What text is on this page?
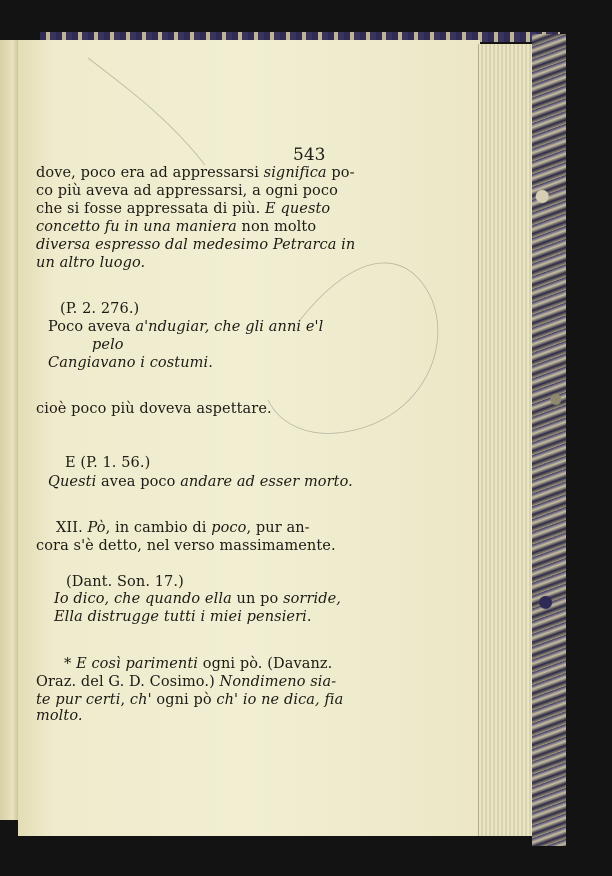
543
dove, poco era ad appressarsi significa po-
co più aveva ad appressarsi, a ogni poco
che si fosse appressata di più. E questo
concetto fu in una maniera non molto
diversa espresso dal medesimo Petrarca in
un altro luogo.
(P. 2. 276.)
Poco aveva a'ndugiar, che gli anni e'l
pelo
Cangiavano i costumi.
cioè poco più doveva aspettare.
E (P. 1. 56.)
Questi avea poco andare ad esser morto.
XII. Pò, in cambio di poco, pur an-
cora s'è detto, nel verso massimamente.
(Dant. Son. 17.)
Io dico, che quando ella un po sorride,
Ella distrugge tutti i miei pensieri.
* E così parimenti ogni pò. (Davanz.
Oraz. del G. D. Cosimo.) Nondimeno sia-
te pur certi, ch' ogni pò ch' io ne dica, fia
molto.
